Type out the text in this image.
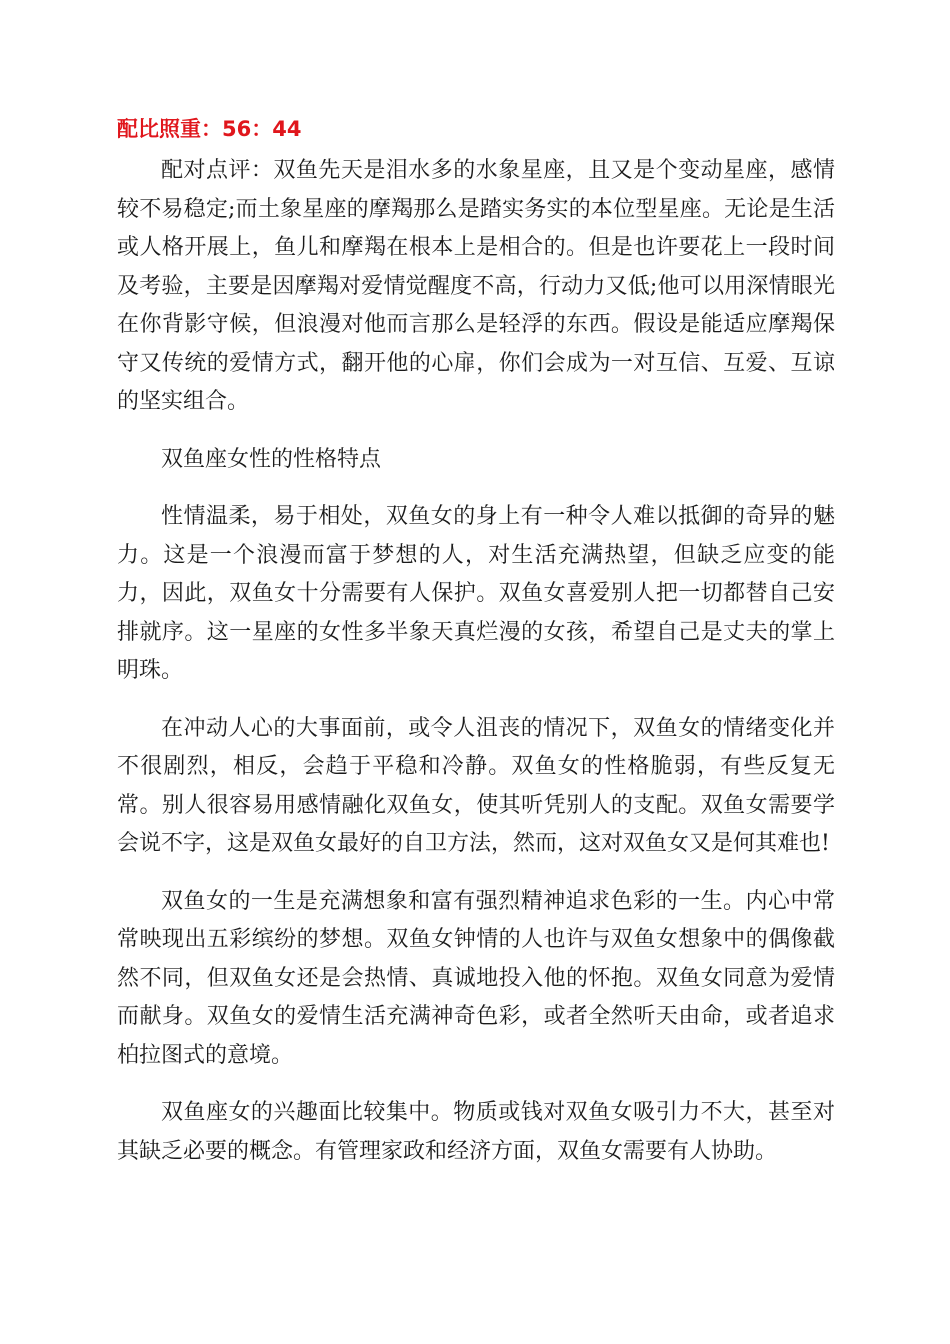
配比照重：56：44

配对点评：双鱼先天是泪水多的水象星座，且又是个变动星座，感情较不易稳定;而土象星座的摩羯那么是踏实务实的本位型星座。无论是生活或人格开展上，鱼儿和摩羯在根本上是相合的。但是也许要花上一段时间及考验，主要是因摩羯对爱情觉醒度不高，行动力又低;他可以用深情眼光在你背影守候，但浪漫对他而言那么是轻浮的东西。假设是能适应摩羯保守又传统的爱情方式，翻开他的心扉，你们会成为一对互信、互爱、互谅的坚实组合。

双鱼座女性的性格特点

性情温柔，易于相处，双鱼女的身上有一种令人难以抵御的奇异的魅力。这是一个浪漫而富于梦想的人，对生活充满热望，但缺乏应变的能力，因此，双鱼女十分需要有人保护。双鱼女喜爱别人把一切都替自己安排就序。这一星座的女性多半象天真烂漫的女孩，希望自己是丈夫的掌上明珠。

在冲动人心的大事面前，或令人沮丧的情况下，双鱼女的情绪变化并不很剧烈，相反，会趋于平稳和冷静。双鱼女的性格脆弱，有些反复无常。别人很容易用感情融化双鱼女，使其听凭别人的支配。双鱼女需要学会说不字，这是双鱼女最好的自卫方法，然而，这对双鱼女又是何其难也!

双鱼女的一生是充满想象和富有强烈精神追求色彩的一生。内心中常常映现出五彩缤纷的梦想。双鱼女钟情的人也许与双鱼女想象中的偶像截然不同，但双鱼女还是会热情、真诚地投入他的怀抱。双鱼女同意为爱情而献身。双鱼女的爱情生活充满神奇色彩，或者全然听天由命，或者追求柏拉图式的意境。

双鱼座女的兴趣面比较集中。物质或钱对双鱼女吸引力不大，甚至对其缺乏必要的概念。有管理家政和经济方面，双鱼女需要有人协助。
